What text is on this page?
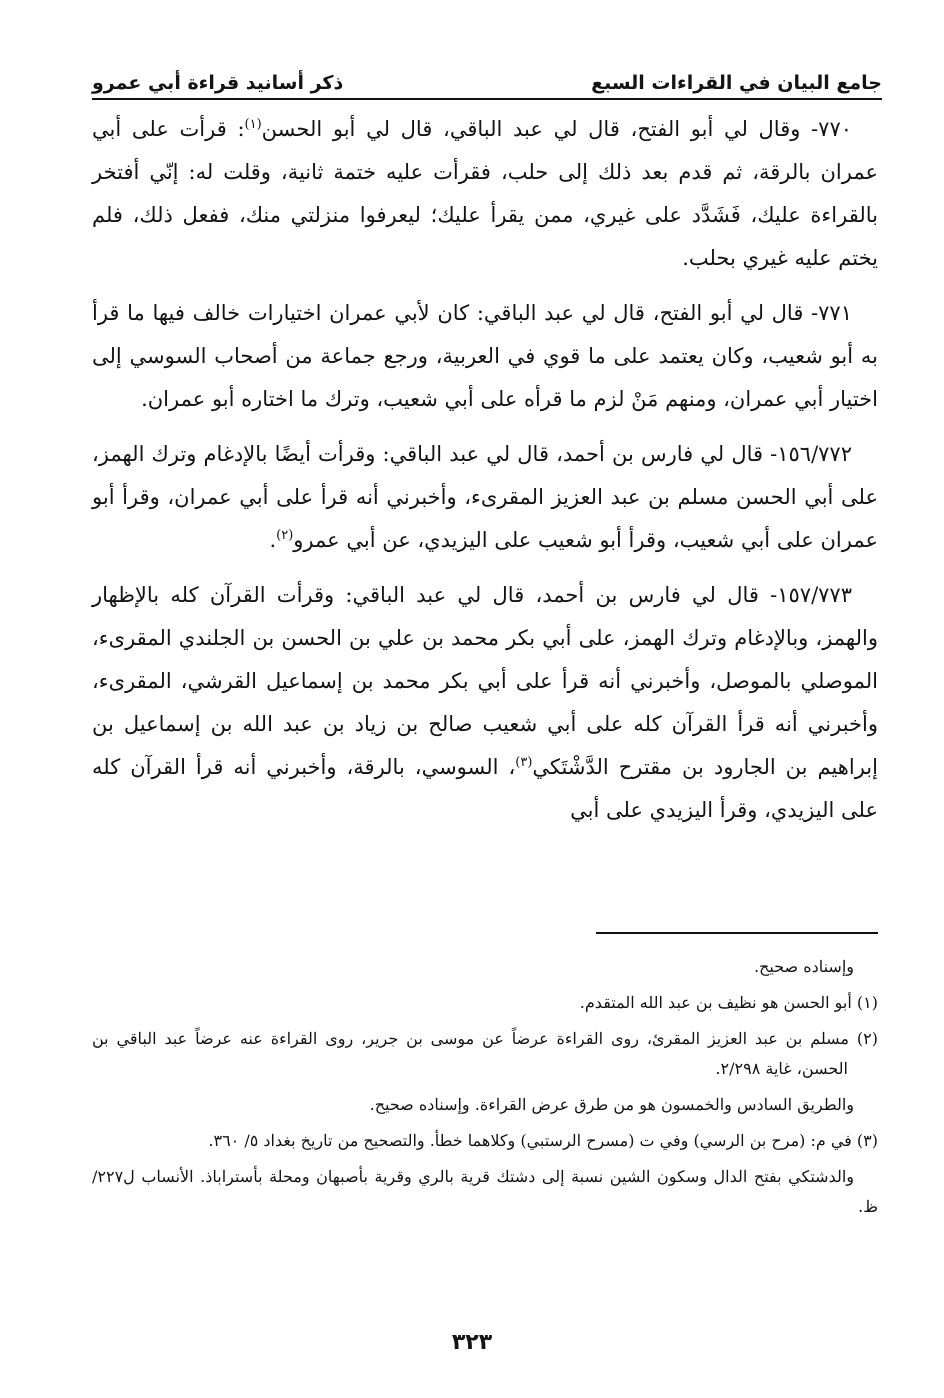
جامع البيان في القراءات السبع
ذكر أسانيد قراءة أبي عمرو

٧٧٠- وقال لي أبو الفتح، قال لي عبد الباقي، قال لي أبو الحسن$^{(١)}$: قرأت على أبي عمران بالرقة، ثم قدم بعد ذلك إلى حلب، فقرأت عليه ختمة ثانية، وقلت له: إنّي أفتخر بالقراءة عليك، فَشَدَّد على غيري، ممن يقرأ عليك؛ ليعرفوا منزلتي منك، ففعل ذلك، فلم يختم عليه غيري بحلب.

٧٧١- قال لي أبو الفتح، قال لي عبد الباقي: كان لأبي عمران اختيارات خالف فيها ما قرأ به أبو شعيب، وكان يعتمد على ما قوي في العربية، ورجع جماعة من أصحاب السوسي إلى اختيار أبي عمران، ومنهم مَنْ لزم ما قرأه على أبي شعيب، وترك ما اختاره أبو عمران.

١٥٦/٧٧٢- قال لي فارس بن أحمد، قال لي عبد الباقي: وقرأت أيضًا بالإدغام وترك الهمز، على أبي الحسن مسلم بن عبد العزيز المقرىء، وأخبرني أنه قرأ على أبي عمران، وقرأ أبو عمران على أبي شعيب، وقرأ أبو شعيب على اليزيدي، عن أبي عمرو$^{(٢)}$.

١٥٧/٧٧٣- قال لي فارس بن أحمد، قال لي عبد الباقي: وقرأت القرآن كله بالإظهار والهمز، وبالإدغام وترك الهمز، على أبي بكر محمد بن علي بن الحسن بن الجلندي المقرىء، الموصلي بالموصل، وأخبرني أنه قرأ على أبي بكر محمد بن إسماعيل القرشي، المقرىء، وأخبرني أنه قرأ القرآن كله على أبي شعيب صالح بن زياد بن عبد الله بن إسماعيل بن إبراهيم بن الجارود بن مقترح الدَّشْتَكي$^{(٣)}$، السوسي، بالرقة، وأخبرني أنه قرأ القرآن كله على اليزيدي، وقرأ اليزيدي على أبي

وإسناده صحيح.

(١) أبو الحسن هو نظيف بن عبد الله المتقدم.

(٢) مسلم بن عبد العزيز المقرئ، روى القراءة عرضاً عن موسى بن جرير، روى القراءة عنه عرضاً عبد الباقي بن الحسن، غاية ٢/٢٩٨.

والطريق السادس والخمسون هو من طرق عرض القراءة. وإسناده صحيح.

(٣) في م: (مرح بن الرسي) وفي ت (مسرح الرستبي) وكلاهما خطأ. والتصحيح من تاريخ بغداد ٥/ ٣٦٠.

والدشتكي بفتح الدال وسكون الشين نسبة إلى دشتك قرية بالري وقرية بأصبهان ومحلة بأستراباذ. الأنساب ل٢٢٧/ ظ.

٣٢٣
